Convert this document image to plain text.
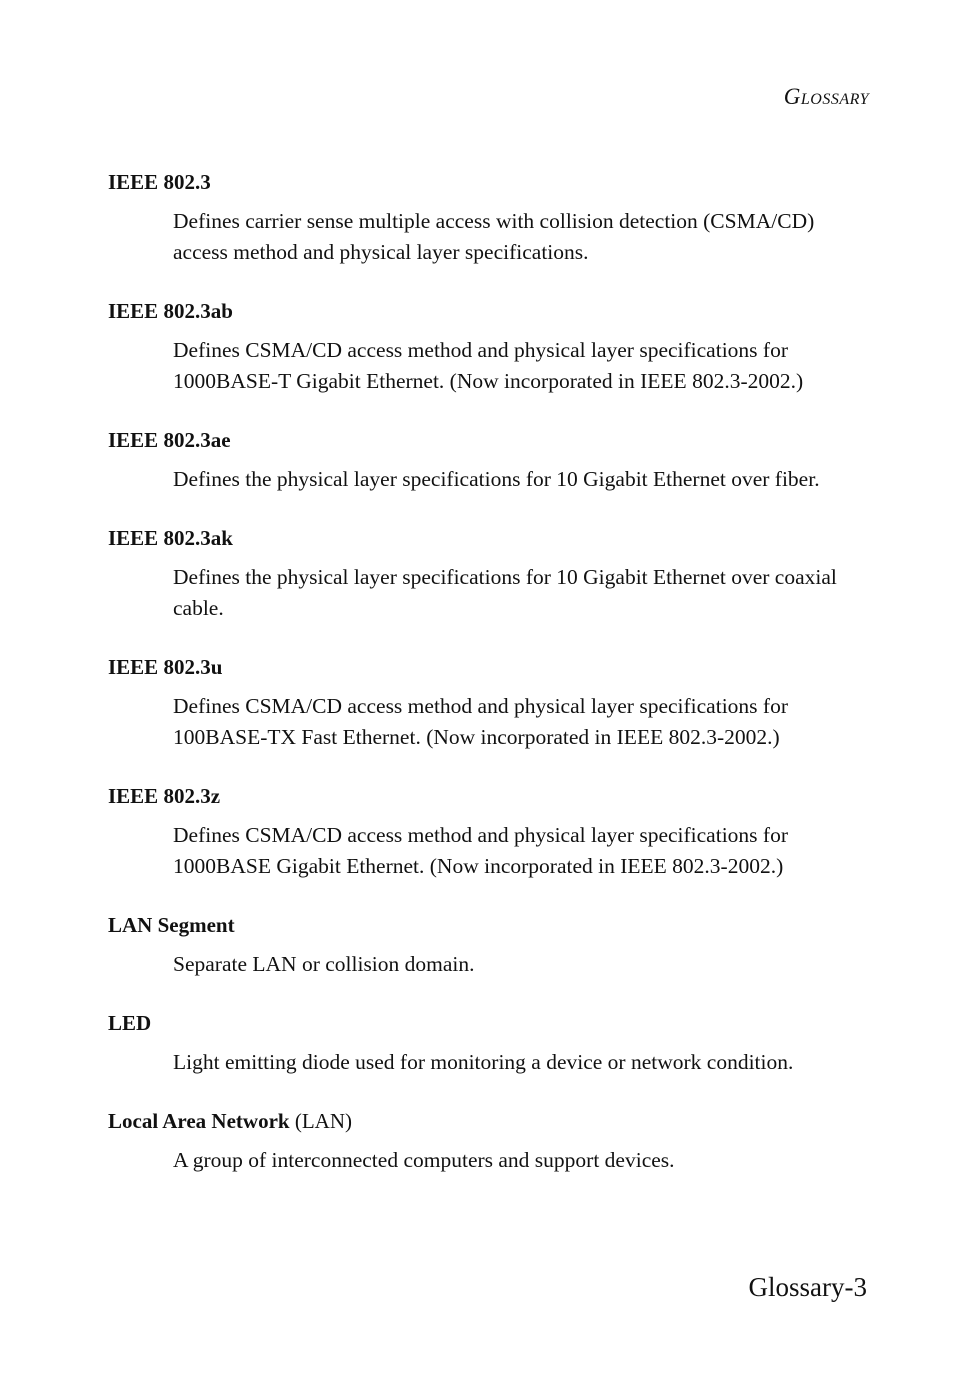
Glossary
IEEE 802.3
Defines carrier sense multiple access with collision detection (CSMA/CD) access method and physical layer specifications.
IEEE 802.3ab
Defines CSMA/CD access method and physical layer specifications for 1000BASE-T Gigabit Ethernet. (Now incorporated in IEEE 802.3-2002.)
IEEE 802.3ae
Defines the physical layer specifications for 10 Gigabit Ethernet over fiber.
IEEE 802.3ak
Defines the physical layer specifications for 10 Gigabit Ethernet over coaxial cable.
IEEE 802.3u
Defines CSMA/CD access method and physical layer specifications for 100BASE-TX Fast Ethernet. (Now incorporated in IEEE 802.3-2002.)
IEEE 802.3z
Defines CSMA/CD access method and physical layer specifications for 1000BASE Gigabit Ethernet. (Now incorporated in IEEE 802.3-2002.)
LAN Segment
Separate LAN or collision domain.
LED
Light emitting diode used for monitoring a device or network condition.
Local Area Network (LAN)
A group of interconnected computers and support devices.
Glossary-3
